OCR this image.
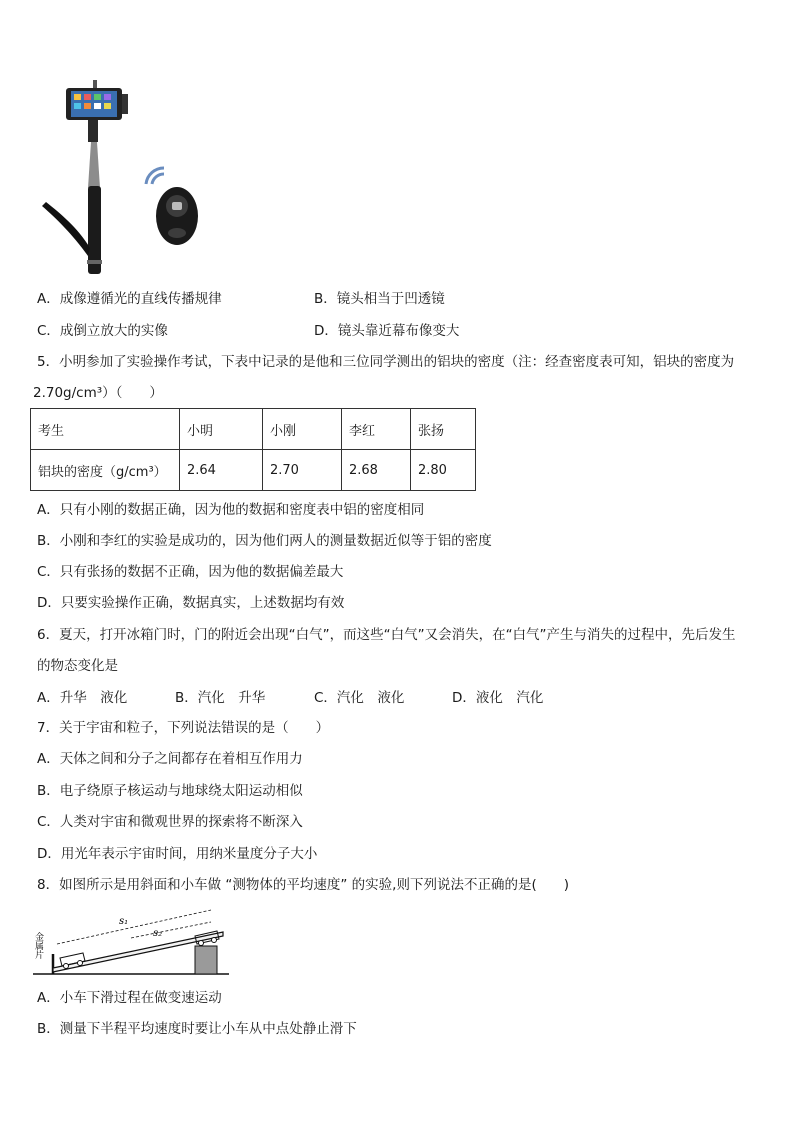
A．成像遵循光的直线传播规律	B．镜头相当于凹透镜
C．成倒立放大的实像	D．镜头靠近幕布像变大
5．小明参加了实验操作考试，下表中记录的是他和三位同学测出的铝块的密度（注：经查密度表可知，铝块的密度为
2.70g/cm³）（　　）
考生	小明	小刚	李红	张扬
铝块的密度（g/cm³）	2.64	2.70	2.68	2.80
A．只有小刚的数据正确，因为他的数据和密度表中铝的密度相同
B．小刚和李红的实验是成功的，因为他们两人的测量数据近似等于铝的密度
C．只有张扬的数据不正确，因为他的数据偏差最大
D．只要实验操作正确，数据真实，上述数据均有效
6．夏天，打开冰箱门时，门的附近会出现“白气”，而这些“白气”又会消失，在“白气”产生与消失的过程中，先后发生
的物态变化是
A．升华　液化	B．汽化　升华	C．汽化　液化	D．液化　汽化
7．关于宇宙和粒子，下列说法错误的是（　　）
A．天体之间和分子之间都存在着相互作用力
B．电子绕原子核运动与地球绕太阳运动相似
C．人类对宇宙和微观世界的探索将不断深入
D．用光年表示宇宙时间，用纳米量度分子大小
8．如图所示是用斜面和小车做 “测物体的平均速度” 的实验,则下列说法不正确的是(　　)
金属片
s₁
s₂
A．小车下滑过程在做变速运动
B．测量下半程平均速度时要让小车从中点处静止滑下
